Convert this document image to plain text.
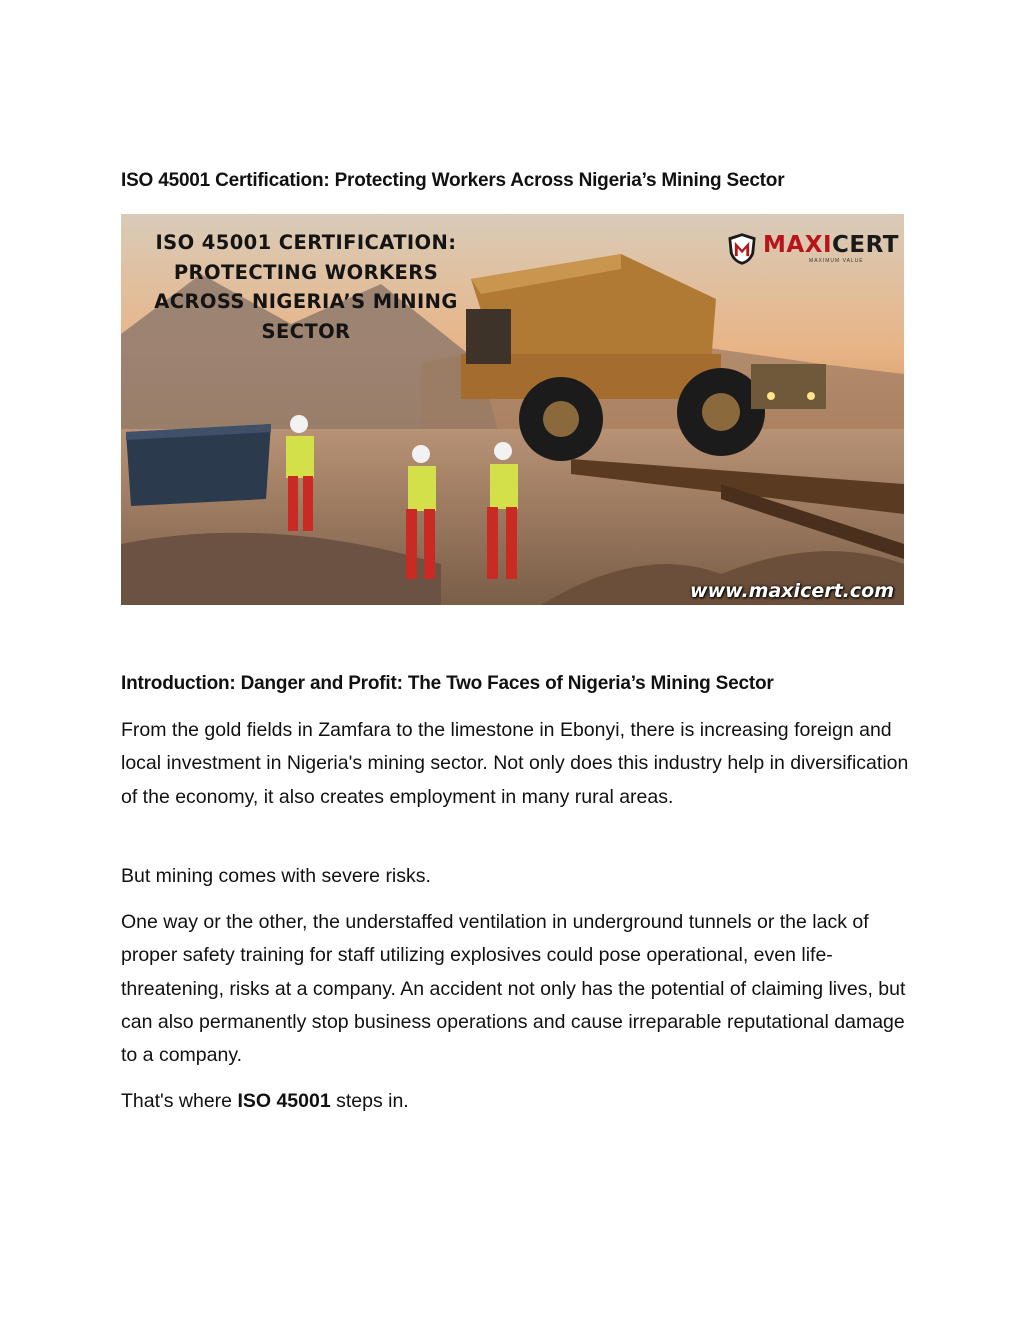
ISO 45001 Certification: Protecting Workers Across Nigeria’s Mining Sector
ISO 45001 CERTIFICATION:
PROTECTING WORKERS
ACROSS NIGERIA’S MINING
SECTOR
MAXICERT
MAXIMUM VALUE
www.maxicert.com
Introduction: Danger and Profit: The Two Faces of Nigeria’s Mining Sector

From the gold fields in Zamfara to the limestone in Ebonyi, there is increasing foreign and local investment in Nigeria's mining sector. Not only does this industry help in diversification of the economy, it also creates employment in many rural areas.

But mining comes with severe risks.

One way or the other, the understaffed ventilation in underground tunnels or the lack of proper safety training for staff utilizing explosives could pose operational, even life-threatening, risks at a company. An accident not only has the potential of claiming lives, but can also permanently stop business operations and cause irreparable reputational damage to a company.

That's where ISO 45001 steps in.
